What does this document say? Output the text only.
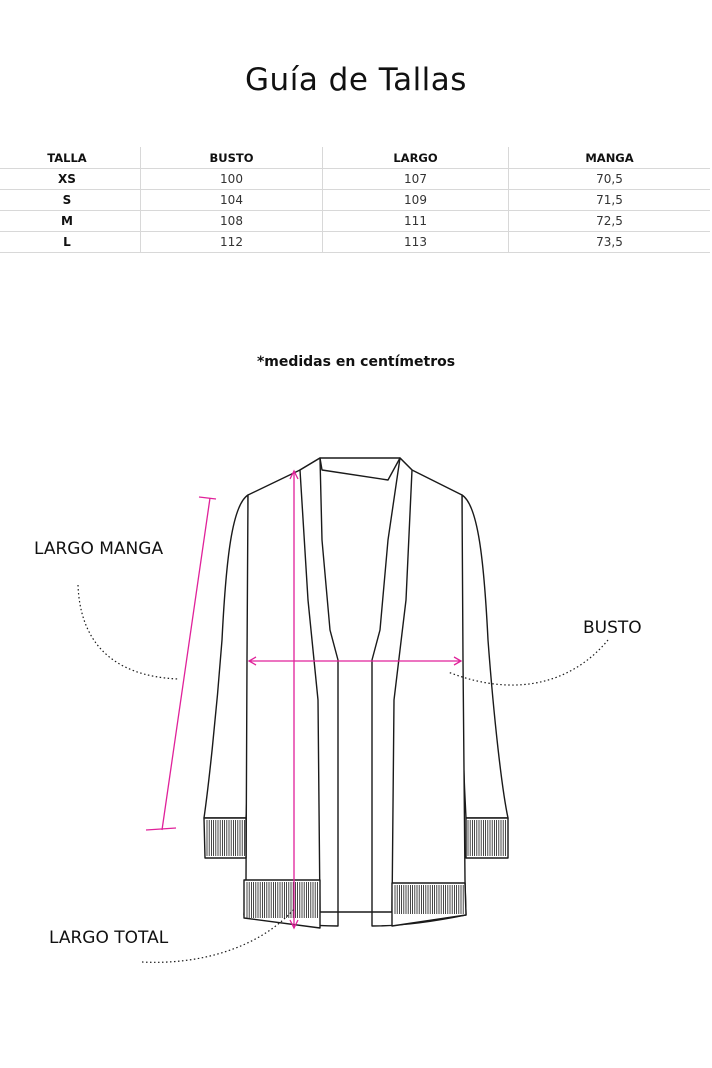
Guía de Tallas
TALLA	BUSTO	LARGO	MANGA
XS	100	107	70,5
S	104	109	71,5
M	108	111	72,5
L	112	113	73,5
*medidas en centímetros
LARGO MANGA
BUSTO
LARGO TOTAL
